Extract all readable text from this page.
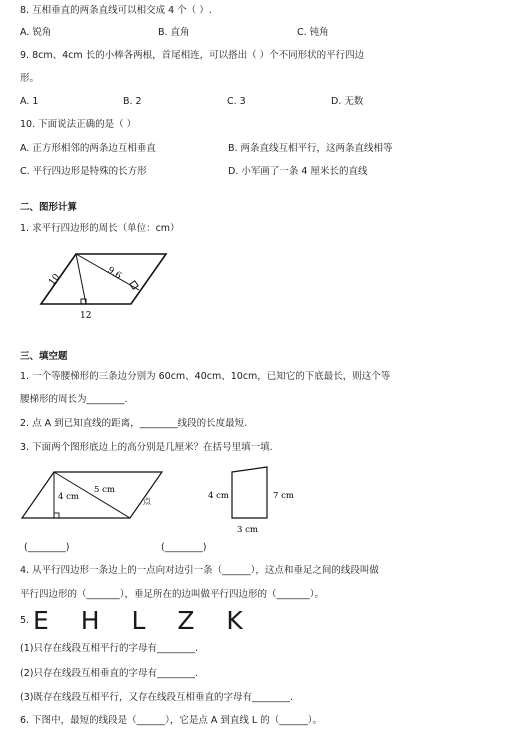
8. 互相垂直的两条直线可以相交成 4 个（ ）.
A. 锐角	B. 直角	C. 钝角
9. 8cm、4cm 长的小棒各两根，首尾相连，可以搭出（ ）个不同形状的平行四边
形。
A. 1	B. 2	C. 3	D. 无数
10. 下面说法正确的是（ ）
A. 正方形相邻的两条边互相垂直	B. 两条直线互相平行，这两条直线相等
C. 平行四边形是特殊的长方形	D. 小军画了一条 4 厘米长的直线
二、图形计算
1. 求平行四边形的周长（单位：cm）
10	9.6
12
三、填空题
1. 一个等腰梯形的三条边分别为 60cm、40cm、10cm，已知它的下底最长，则这个等
腰梯形的周长为________.
2. 点 A 到已知直线的距离，________线段的长度最短.
3. 下面两个图形底边上的高分别是几厘米？在括号里填一填.
4 cm
5 cm
点
4 cm	7 cm
3 cm
(________)	(________)
4. 从平行四边形一条边上的一点向对边引一条（______），这点和垂足之间的线段叫做
平行四边形的（_______），垂足所在的边叫做平行四边形的（_______）。
5. E H L Z K
(1)只存在线段互相平行的字母有________.
(2)只存在线段互相垂直的字母有________.
(3)既存在线段互相平行，又存在线段互相垂直的字母有________.
6. 下图中，最短的线段是（______），它是点 A 到直线 L 的（______）。
